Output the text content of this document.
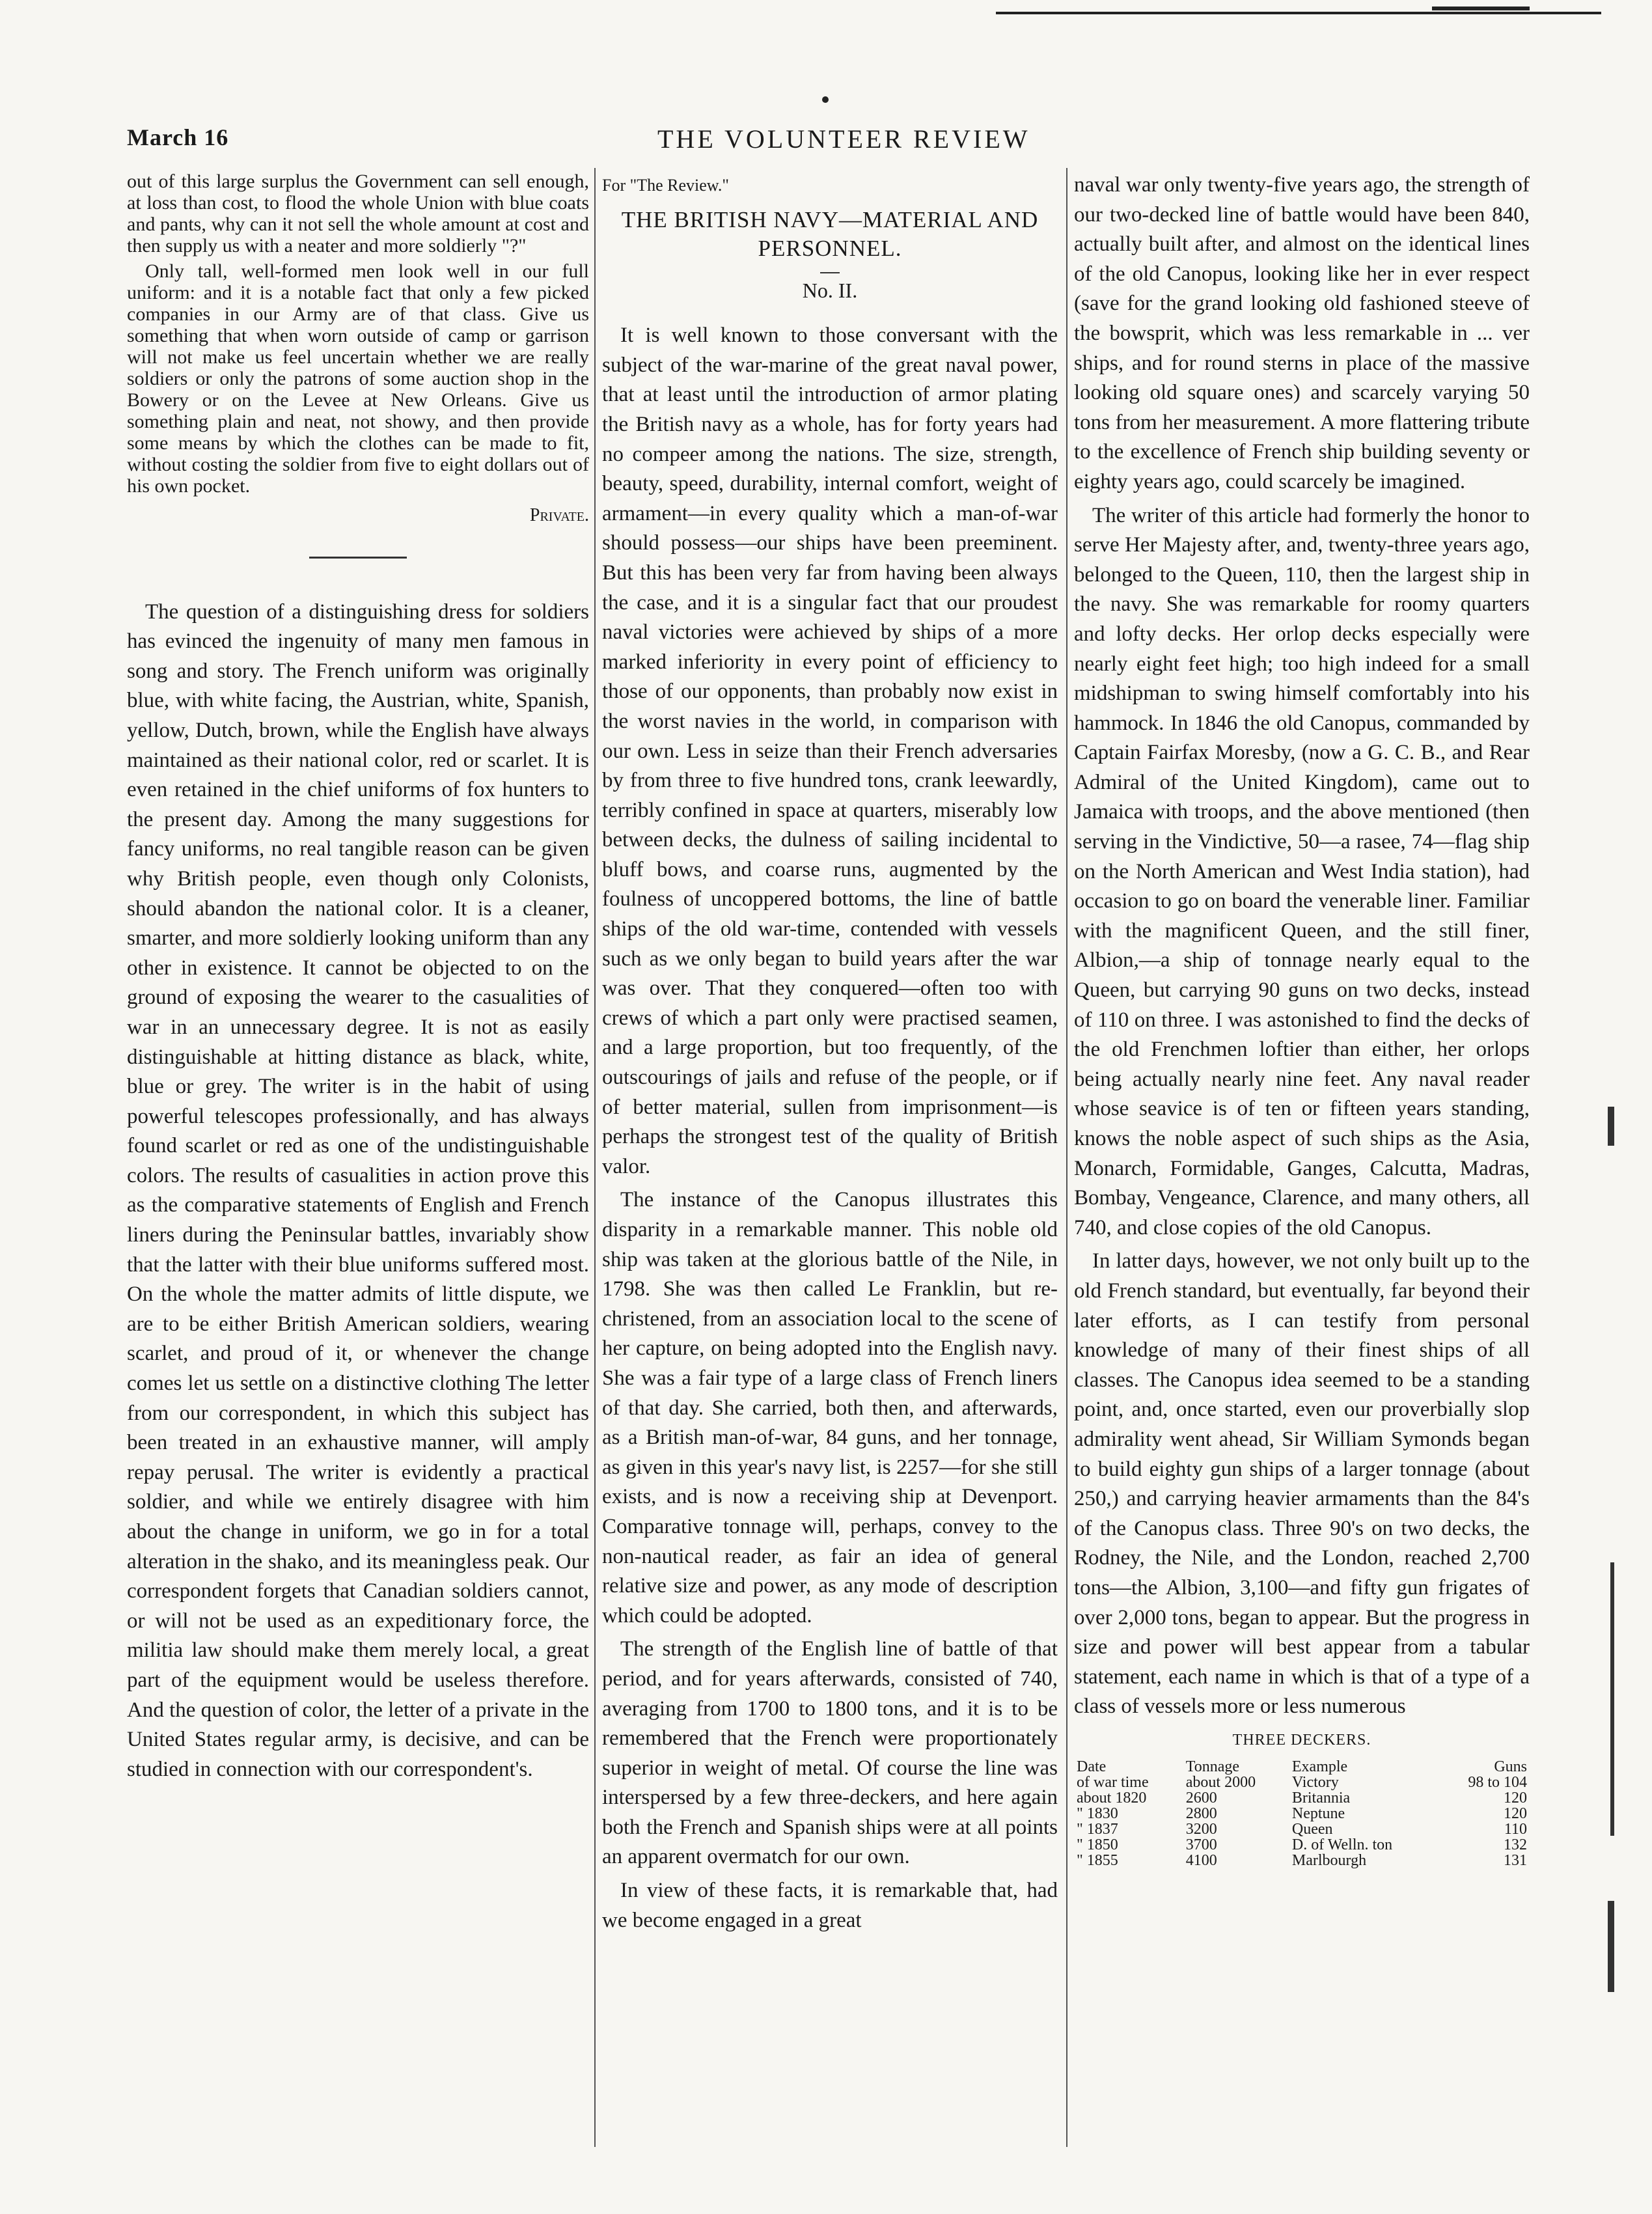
March 16	THE VOLUNTEER REVIEW

out of this large surplus the Government can sell enough, at loss than cost, to flood the whole Union with blue coats and pants, why can it not sell the whole amount at cost and then supply us with a neater and more soldierly "?"

Only tall, well-formed men look well in our full uniform: and it is a notable fact that only a few picked companies in our Army are of that class. Give us something that when worn outside of camp or garrison will not make us feel uncertain whether we are really soldiers or only the patrons of some auction shop in the Bowery or on the Levee at New Orleans. Give us something plain and neat, not showy, and then provide some means by which the clothes can be made to fit, without costing the soldier from five to eight dollars out of his own pocket.

Private.

The question of a distinguishing dress for soldiers has evinced the ingenuity of many men famous in song and story. The French uniform was originally blue, with white facing, the Austrian, white, Spanish, yellow, Dutch, brown, while the English have always maintained as their national color, red or scarlet. It is even retained in the chief uniforms of fox hunters to the present day. Among the many suggestions for fancy uniforms, no real tangible reason can be given why British people, even though only Colonists, should abandon the national color. It is a cleaner, smarter, and more soldierly looking uniform than any other in existence. It cannot be objected to on the ground of exposing the wearer to the casualities of war in an unnecessary degree. It is not as easily distinguishable at hitting distance as black, white, blue or grey. The writer is in the habit of using powerful telescopes professionally, and has always found scarlet or red as one of the undistinguishable colors. The results of casualities in action prove this as the comparative statements of English and French liners during the Peninsular battles, invariably show that the latter with their blue uniforms suffered most. On the whole the matter admits of little dispute, we are to be either British American soldiers, wearing scarlet, and proud of it, or whenever the change comes let us settle on a distinctive clothing The letter from our correspondent, in which this subject has been treated in an exhaustive manner, will amply repay perusal. The writer is evidently a practical soldier, and while we entirely disagree with him about the change in uniform, we go in for a total alteration in the shako, and its meaningless peak. Our correspondent forgets that Canadian soldiers cannot, or will not be used as an expeditionary force, the militia law should make them merely local, a great part of the equipment would be useless therefore. And the question of color, the letter of a private in the United States regular army, is decisive, and can be studied in connection with our correspondent's.

For "The Review."

THE BRITISH NAVY—MATERIAL AND PERSONNEL.
No. II.

It is well known to those conversant with the subject of the war-marine of the great naval power, that at least until the introduction of armor plating the British navy as a whole, has for forty years had no compeer among the nations. The size, strength, beauty, speed, durability, internal comfort, weight of armament—in every quality which a man-of-war should possess—our ships have been preeminent. But this has been very far from having been always the case, and it is a singular fact that our proudest naval victories were achieved by ships of a more marked inferiority in every point of efficiency to those of our opponents, than probably now exist in the worst navies in the world, in comparison with our own. Less in seize than their French adversaries by from three to five hundred tons, crank leewardly, terribly confined in space at quarters, miserably low between decks, the dulness of sailing incidental to bluff bows, and coarse runs, augmented by the foulness of uncoppered bottoms, the line of battle ships of the old war-time, contended with vessels such as we only began to build years after the war was over. That they conquered—often too with crews of which a part only were practised seamen, and a large proportion, but too frequently, of the outscourings of jails and refuse of the people, or if of better material, sullen from imprisonment—is perhaps the strongest test of the quality of British valor.

The instance of the Canopus illustrates this disparity in a remarkable manner. This noble old ship was taken at the glorious battle of the Nile, in 1798. She was then called Le Franklin, but re-christened, from an association local to the scene of her capture, on being adopted into the English navy. She was a fair type of a large class of French liners of that day. She carried, both then, and afterwards, as a British man-of-war, 84 guns, and her tonnage, as given in this year's navy list, is 2257—for she still exists, and is now a receiving ship at Devenport. Comparative tonnage will, perhaps, convey to the non-nautical reader, as fair an idea of general relative size and power, as any mode of description which could be adopted.

The strength of the English line of battle of that period, and for years afterwards, consisted of 740, averaging from 1700 to 1800 tons, and it is to be remembered that the French were proportionately superior in weight of metal. Of course the line was interspersed by a few three-deckers, and here again both the French and Spanish ships were at all points an apparent overmatch for our own.

In view of these facts, it is remarkable that, had we become engaged in a great

naval war only twenty-five years ago, the strength of our two-decked line of battle would have been 840, actually built after, and almost on the identical lines of the old Canopus, looking like her in ever respect (save for the grand looking old fashioned steeve of the bowsprit, which was less remarkable in ... ver ships, and for round sterns in place of the massive looking old square ones) and scarcely varying 50 tons from her measurement. A more flattering tribute to the excellence of French ship building seventy or eighty years ago, could scarcely be imagined.

The writer of this article had formerly the honor to serve Her Majesty after, and, twenty-three years ago, belonged to the Queen, 110, then the largest ship in the navy. She was remarkable for roomy quarters and lofty decks. Her orlop decks especially were nearly eight feet high; too high indeed for a small midshipman to swing himself comfortably into his hammock. In 1846 the old Canopus, commanded by Captain Fairfax Moresby, (now a G. C. B., and Rear Admiral of the United Kingdom), came out to Jamaica with troops, and the above mentioned (then serving in the Vindictive, 50—a rasee, 74—flag ship on the North American and West India station), had occasion to go on board the venerable liner. Familiar with the magnificent Queen, and the still finer, Albion,—a ship of tonnage nearly equal to the Queen, but carrying 90 guns on two decks, instead of 110 on three. I was astonished to find the decks of the old Frenchmen loftier than either, her orlops being actually nearly nine feet. Any naval reader whose seavice is of ten or fifteen years standing, knows the noble aspect of such ships as the Asia, Monarch, Formidable, Ganges, Calcutta, Madras, Bombay, Vengeance, Clarence, and many others, all 740, and close copies of the old Canopus.

In latter days, however, we not only built up to the old French standard, but eventually, far beyond their later efforts, as I can testify from personal knowledge of many of their finest ships of all classes. The Canopus idea seemed to be a standing point, and, once started, even our proverbially slop admirality went ahead, Sir William Symonds began to build eighty gun ships of a larger tonnage (about 250,) and carrying heavier armaments than the 84's of the Canopus class. Three 90's on two decks, the Rodney, the Nile, and the London, reached 2,700 tons—the Albion, 3,100—and fifty gun frigates of over 2,000 tons, began to appear. But the progress in size and power will best appear from a tabular statement, each name in which is that of a type of a class of vessels more or less numerous

THREE DECKERS.
Date	Tonnage	Example	Guns
of war time	about 2000	Victory	98 to 104
about 1820	2600	Britannia	120
" 1830	2800	Neptune	120
" 1837	3200	Queen	110
" 1850	3700	D. of Welln. ton	132
" 1855	4100	Marlbourgh	131
